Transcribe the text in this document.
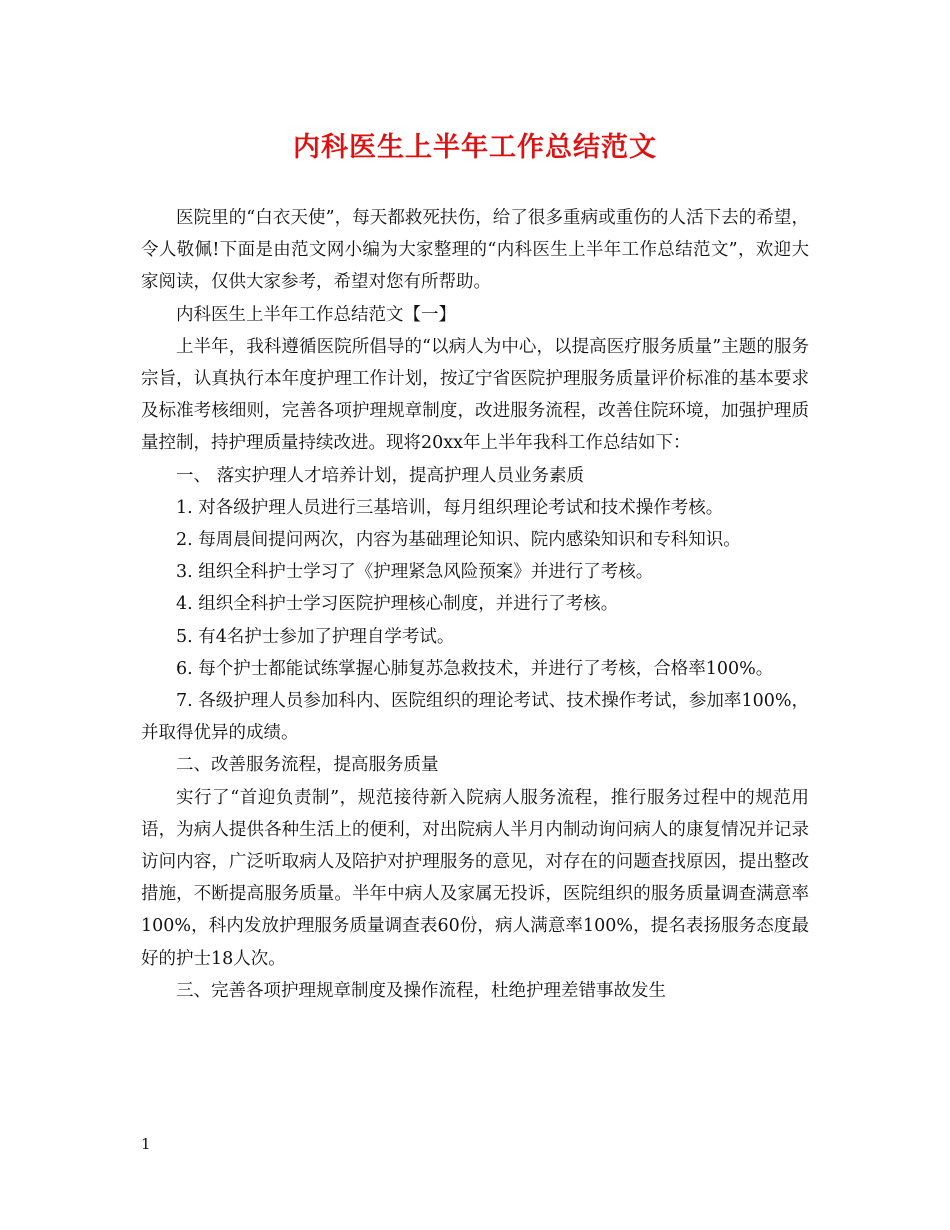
内科医生上半年工作总结范文

医院里的“白衣天使”，每天都救死扶伤，给了很多重病或重伤的人活下去的希望，令人敬佩!下面是由范文网小编为大家整理的“内科医生上半年工作总结范文”，欢迎大家阅读，仅供大家参考，希望对您有所帮助。

内科医生上半年工作总结范文【一】

上半年，我科遵循医院所倡导的“以病人为中心，以提高医疗服务质量”主题的服务宗旨，认真执行本年度护理工作计划，按辽宁省医院护理服务质量评价标准的基本要求及标准考核细则，完善各项护理规章制度，改进服务流程，改善住院环境，加强护理质量控制，持护理质量持续改进。现将20xx年上半年我科工作总结如下：

一、 落实护理人才培养计划，提高护理人员业务素质

1. 对各级护理人员进行三基培训，每月组织理论考试和技术操作考核。

2. 每周晨间提问两次，内容为基础理论知识、院内感染知识和专科知识。

3. 组织全科护士学习了《护理紧急风险预案》并进行了考核。

4. 组织全科护士学习医院护理核心制度，并进行了考核。

5. 有4名护士参加了护理自学考试。

6. 每个护士都能试练掌握心肺复苏急救技术，并进行了考核，合格率100%。

7. 各级护理人员参加科内、医院组织的理论考试、技术操作考试，参加率100%，并取得优异的成绩。

二、改善服务流程，提高服务质量

实行了“首迎负责制”，规范接待新入院病人服务流程，推行服务过程中的规范用语，为病人提供各种生活上的便利，对出院病人半月内制动询问病人的康复情况并记录访问内容，广泛听取病人及陪护对护理服务的意见，对存在的问题查找原因，提出整改措施，不断提高服务质量。半年中病人及家属无投诉，医院组织的服务质量调查满意率100%，科内发放护理服务质量调查表60份，病人满意率100%，提名表扬服务态度最好的护士18人次。

三、完善各项护理规章制度及操作流程，杜绝护理差错事故发生

1
